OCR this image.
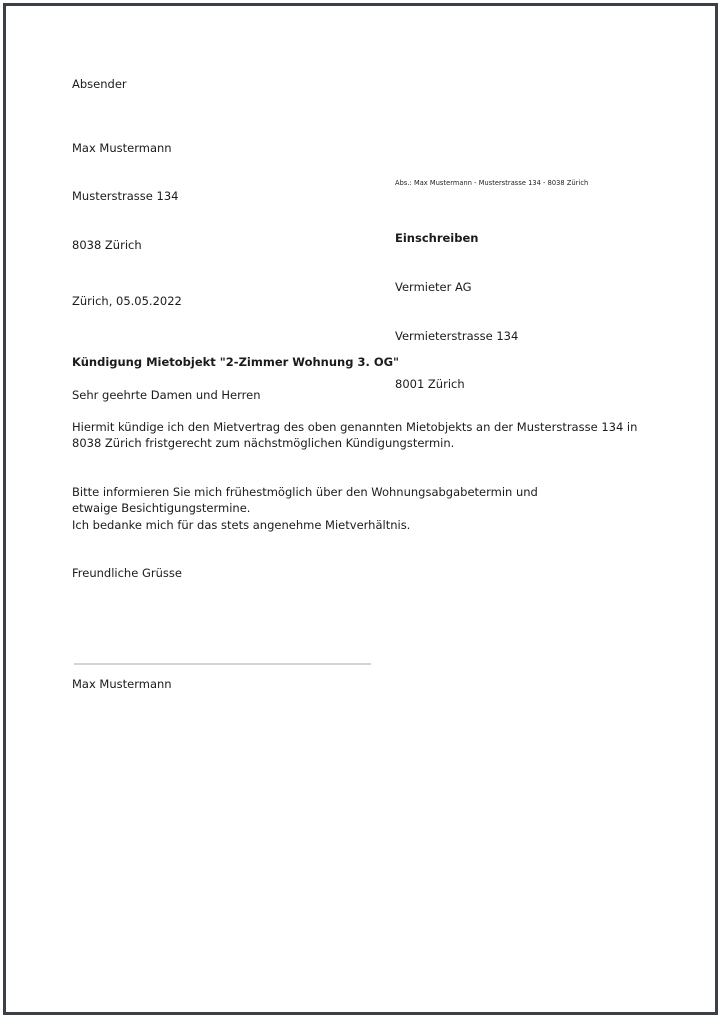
Absender

Max Mustermann

Musterstrasse 134

8038 Zürich

Abs.: Max Mustermann - Musterstrasse 134 - 8038 Zürich

Einschreiben

Vermieter AG

Vermieterstrasse 134

8001 Zürich

Zürich, 05.05.2022
Kündigung Mietobjekt "2-Zimmer Wohnung 3. OG"
Sehr geehrte Damen und Herren
Hiermit kündige ich den Mietvertrag des oben genannten Mietobjekts an der Musterstrasse 134 in 8038 Zürich fristgerecht zum nächstmöglichen Kündigungstermin.
Bitte informieren Sie mich frühestmöglich über den Wohnungsabgabetermin und etwaige Besichtigungstermine.
Ich bedanke mich für das stets angenehme Mietverhältnis.
Freundliche Grüsse
Max Mustermann
